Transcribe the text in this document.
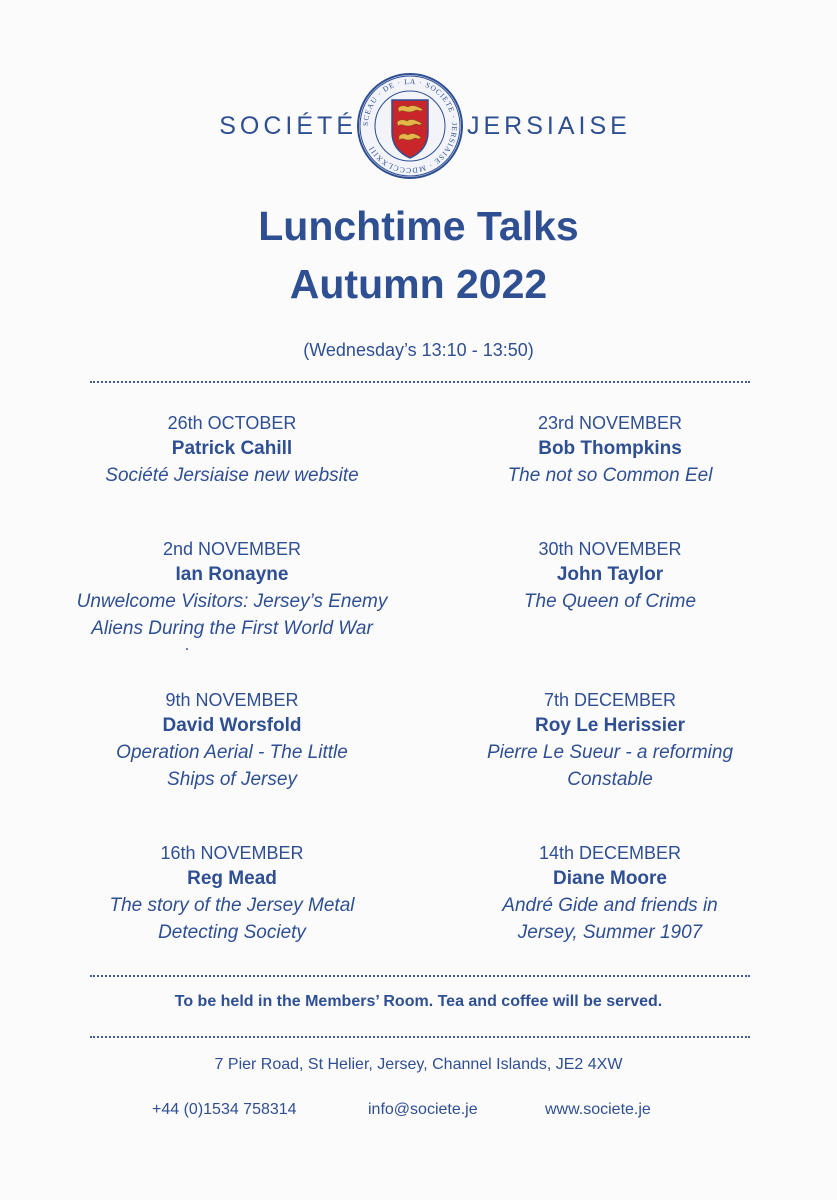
SOCIÉTÉ SCEAU · DE · LA · SOCIETE · JERSIAISE · MDCCCLXXIII
JERSIAISE
Lunchtime Talks
Autumn 2022
(Wednesday’s 13:10 - 13:50)
26th OCTOBER
Patrick Cahill
Société Jersiaise new website
23rd NOVEMBER
Bob Thompkins
The not so Common Eel
2nd NOVEMBER
Ian Ronayne
Unwelcome Visitors: Jersey’s Enemy
Aliens During the First World War
30th NOVEMBER
John Taylor
The Queen of Crime
9th NOVEMBER
David Worsfold
Operation Aerial - The Little
Ships of Jersey
7th DECEMBER
Roy Le Herissier
Pierre Le Sueur - a reforming
Constable
16th NOVEMBER
Reg Mead
The story of the Jersey Metal
Detecting Society
14th DECEMBER
Diane Moore
André Gide and friends in
Jersey, Summer 1907
To be held in the Members’ Room. Tea and coffee will be served.
7 Pier Road, St Helier, Jersey, Channel Islands, JE2 4XW
+44 (0)1534 758314	info@societe.je	www.societe.je
